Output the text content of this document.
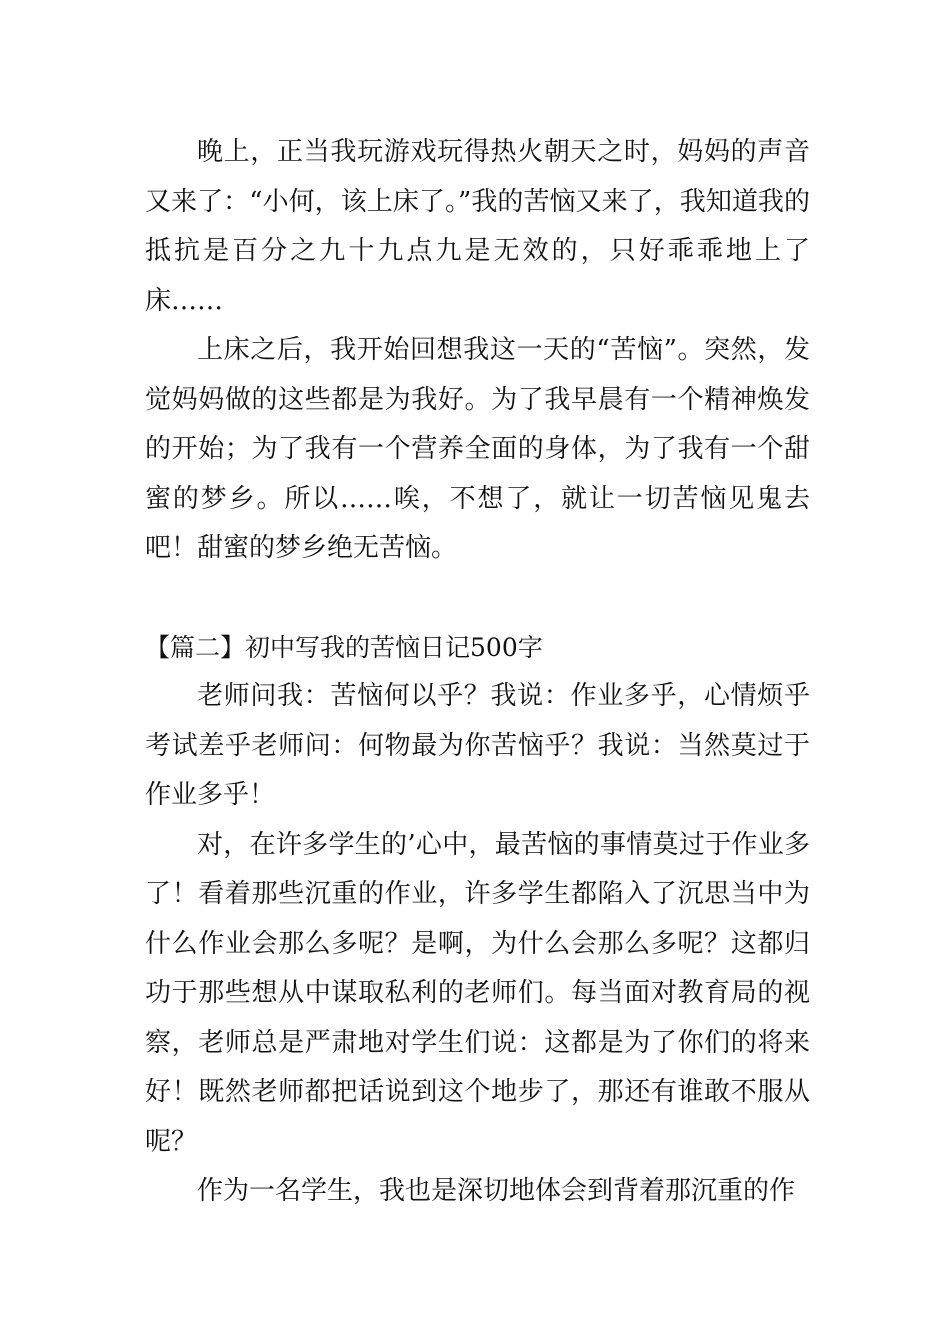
晚上，正当我玩游戏玩得热火朝天之时，妈妈的声音又来了：“小何，该上床了。”我的苦恼又来了，我知道我的抵抗是百分之九十九点九是无效的，只好乖乖地上了床……

上床之后，我开始回想我这一天的“苦恼”。突然，发觉妈妈做的这些都是为我好。为了我早晨有一个精神焕发的开始；为了我有一个营养全面的身体，为了我有一个甜蜜的梦乡。所以……唉，不想了，就让一切苦恼见鬼去吧！甜蜜的梦乡绝无苦恼。

【篇二】初中写我的苦恼日记500字

老师问我：苦恼何以乎？我说：作业多乎，心情烦乎考试差乎老师问：何物最为你苦恼乎？我说：当然莫过于作业多乎！

对，在许多学生的’心中，最苦恼的事情莫过于作业多了！看着那些沉重的作业，许多学生都陷入了沉思当中为什么作业会那么多呢？是啊，为什么会那么多呢？这都归功于那些想从中谋取私利的老师们。每当面对教育局的视察，老师总是严肃地对学生们说：这都是为了你们的将来好！既然老师都把话说到这个地步了，那还有谁敢不服从呢？

作为一名学生，我也是深切地体会到背着那沉重的作
